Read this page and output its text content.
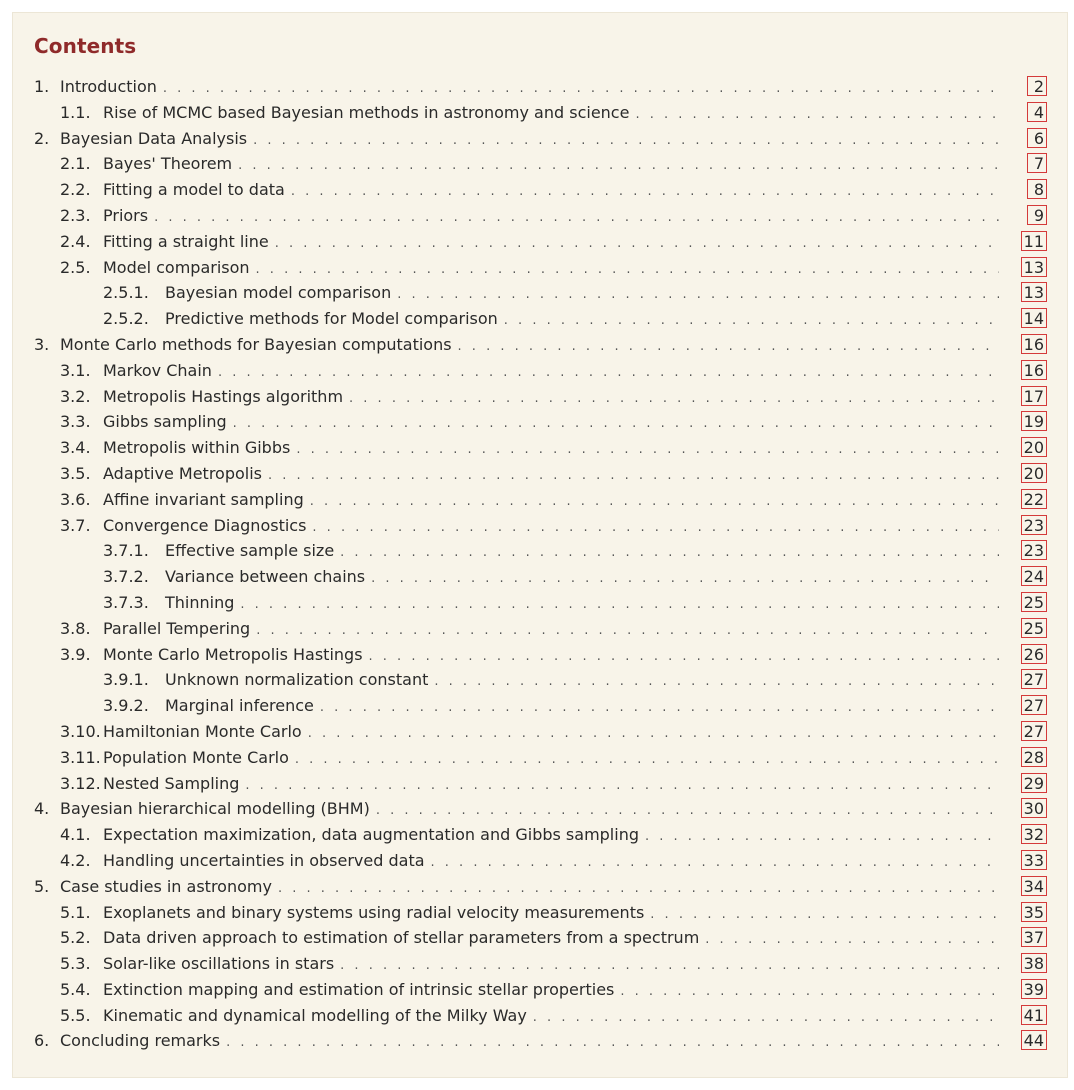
Contents
1. Introduction . . .	2
1.1. Rise of MCMC based Bayesian methods in astronomy and science . . .	4
2. Bayesian Data Analysis . . .	6
2.1. Bayes' Theorem . . .	7
2.2. Fitting a model to data . . .	8
2.3. Priors . . .	9
2.4. Fitting a straight line . . .	11
2.5. Model comparison . . .	13
2.5.1.	Bayesian model comparison . . .	13
2.5.2.	Predictive methods for Model comparison . . .	14
3. Monte Carlo methods for Bayesian computations . . .	16
3.1. Markov Chain . . .	16
3.2. Metropolis Hastings algorithm . . .	17
3.3. Gibbs sampling . . .	19
3.4. Metropolis within Gibbs . . .	20
3.5. Adaptive Metropolis . . .	20
3.6. Affine invariant sampling . . .	22
3.7. Convergence Diagnostics . . .	23
3.7.1.	Effective sample size . . .	23
3.7.2.	Variance between chains . . .	24
3.7.3.	Thinning . . .	25
3.8. Parallel Tempering . . .	25
3.9. Monte Carlo Metropolis Hastings . . .	26
3.9.1.	Unknown normalization constant . . .	27
3.9.2.	Marginal inference . . .	27
3.10. Hamiltonian Monte Carlo . . .	27
3.11. Population Monte Carlo . . .	28
3.12. Nested Sampling . . .	29
4. Bayesian hierarchical modelling (BHM) . . .	30
4.1. Expectation maximization, data augmentation and Gibbs sampling . . .	32
4.2. Handling uncertainties in observed data . . .	33
5. Case studies in astronomy . . .	34
5.1. Exoplanets and binary systems using radial velocity measurements . . .	35
5.2. Data driven approach to estimation of stellar parameters from a spectrum . . .	37
5.3. Solar-like oscillations in stars . . .	38
5.4. Extinction mapping and estimation of intrinsic stellar properties . . .	39
5.5. Kinematic and dynamical modelling of the Milky Way . . .	41
6. Concluding remarks . . .	44
